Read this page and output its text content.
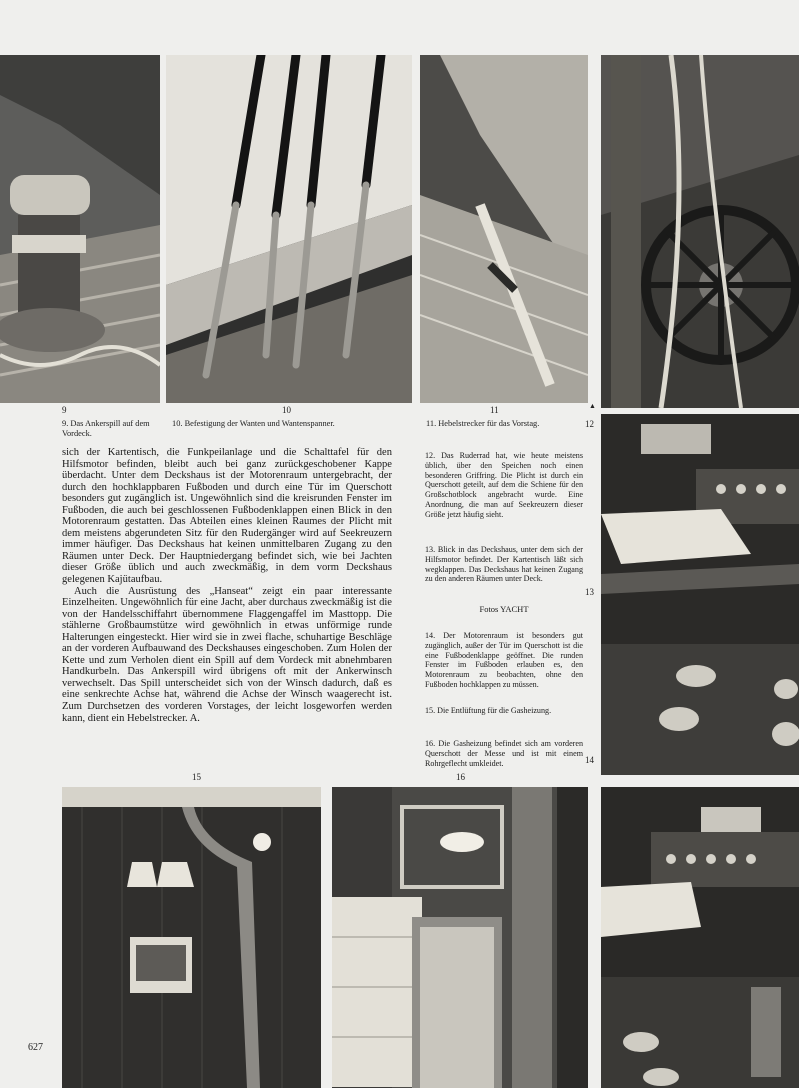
9	10	11	▲
9. Das Ankerspill auf dem Vordeck.
10. Befestigung der Wanten und Wantenspanner.	11. Hebelstrecker für das Vorstag.	12

sich der Kartentisch, die Funkpeilanlage und die Schalttafel für den Hilfsmotor befinden, bleibt auch bei ganz zurückgeschobener Kappe überdacht. Unter dem Deckshaus ist der Motorenraum untergebracht, der durch den hochklappbaren Fußboden und durch eine Tür im Querschott besonders gut zugänglich ist. Ungewöhnlich sind die kreisrunden Fenster im Fußboden, die auch bei geschlossenen Fußbodenklappen einen Blick in den Motorenraum gestatten. Das Abteilen eines kleinen Raumes der Plicht mit dem meistens abgerundeten Sitz für den Rudergänger wird auf Seekreuzern immer häufiger. Das Deckshaus hat keinen unmittelbaren Zugang zu den Räumen unter Deck. Der Hauptniedergang befindet sich, wie bei Jachten dieser Größe üblich und auch zweckmäßig, in dem vorm Deckshaus gelegenen Kajütaufbau.

Auch die Ausrüstung des „Hanseat“ zeigt ein paar interessante Einzelheiten. Ungewöhnlich für eine Jacht, aber durchaus zweckmäßig ist die von der Handelsschiffahrt übernommene Flaggengaffel im Masttopp. Die stählerne Großbaumstütze wird gewöhnlich in etwas unförmige runde Halterungen eingesteckt. Hier wird sie in zwei flache, schuhartige Beschläge an der vorderen Aufbauwand des Deckshauses eingeschoben. Zum Holen der Kette und zum Verholen dient ein Spill auf dem Vordeck mit abnehmbaren Handkurbeln. Das Ankerspill wird übrigens oft mit der Ankerwinsch verwechselt. Das Spill unterscheidet sich von der Winsch dadurch, daß es eine senkrechte Achse hat, während die Achse der Winsch waagerecht ist. Zum Durchsetzen des vorderen Vorstages, der leicht losgeworfen werden kann, dient ein Hebelstrecker. A.

12. Das Ruderrad hat, wie heute meistens üblich, über den Speichen noch einen besonderen Griffring. Die Plicht ist durch ein Querschott geteilt, auf dem die Schiene für den Großschotblock angebracht wurde. Eine Anordnung, die man auf Seekreuzern dieser Größe jetzt häufig sieht.

13. Blick in das Deckshaus, unter dem sich der Hilfsmotor befindet. Der Kartentisch läßt sich wegklappen. Das Deckshaus hat keinen Zugang zu den anderen Räumen unter Deck.

Fotos YACHT

14. Der Motorenraum ist besonders gut zugänglich, außer der Tür im Querschott ist die eine Fußbodenklappe geöffnet. Die runden Fenster im Fußboden erlauben es, den Motorenraum zu beobachten, ohne den Fußboden hochklappen zu müssen.

15. Die Entlüftung für die Gasheizung.

16. Die Gasheizung befindet sich am vorderen Querschott der Messe und ist mit einem Rohrgeflecht umkleidet.

13
14
15	16
627
